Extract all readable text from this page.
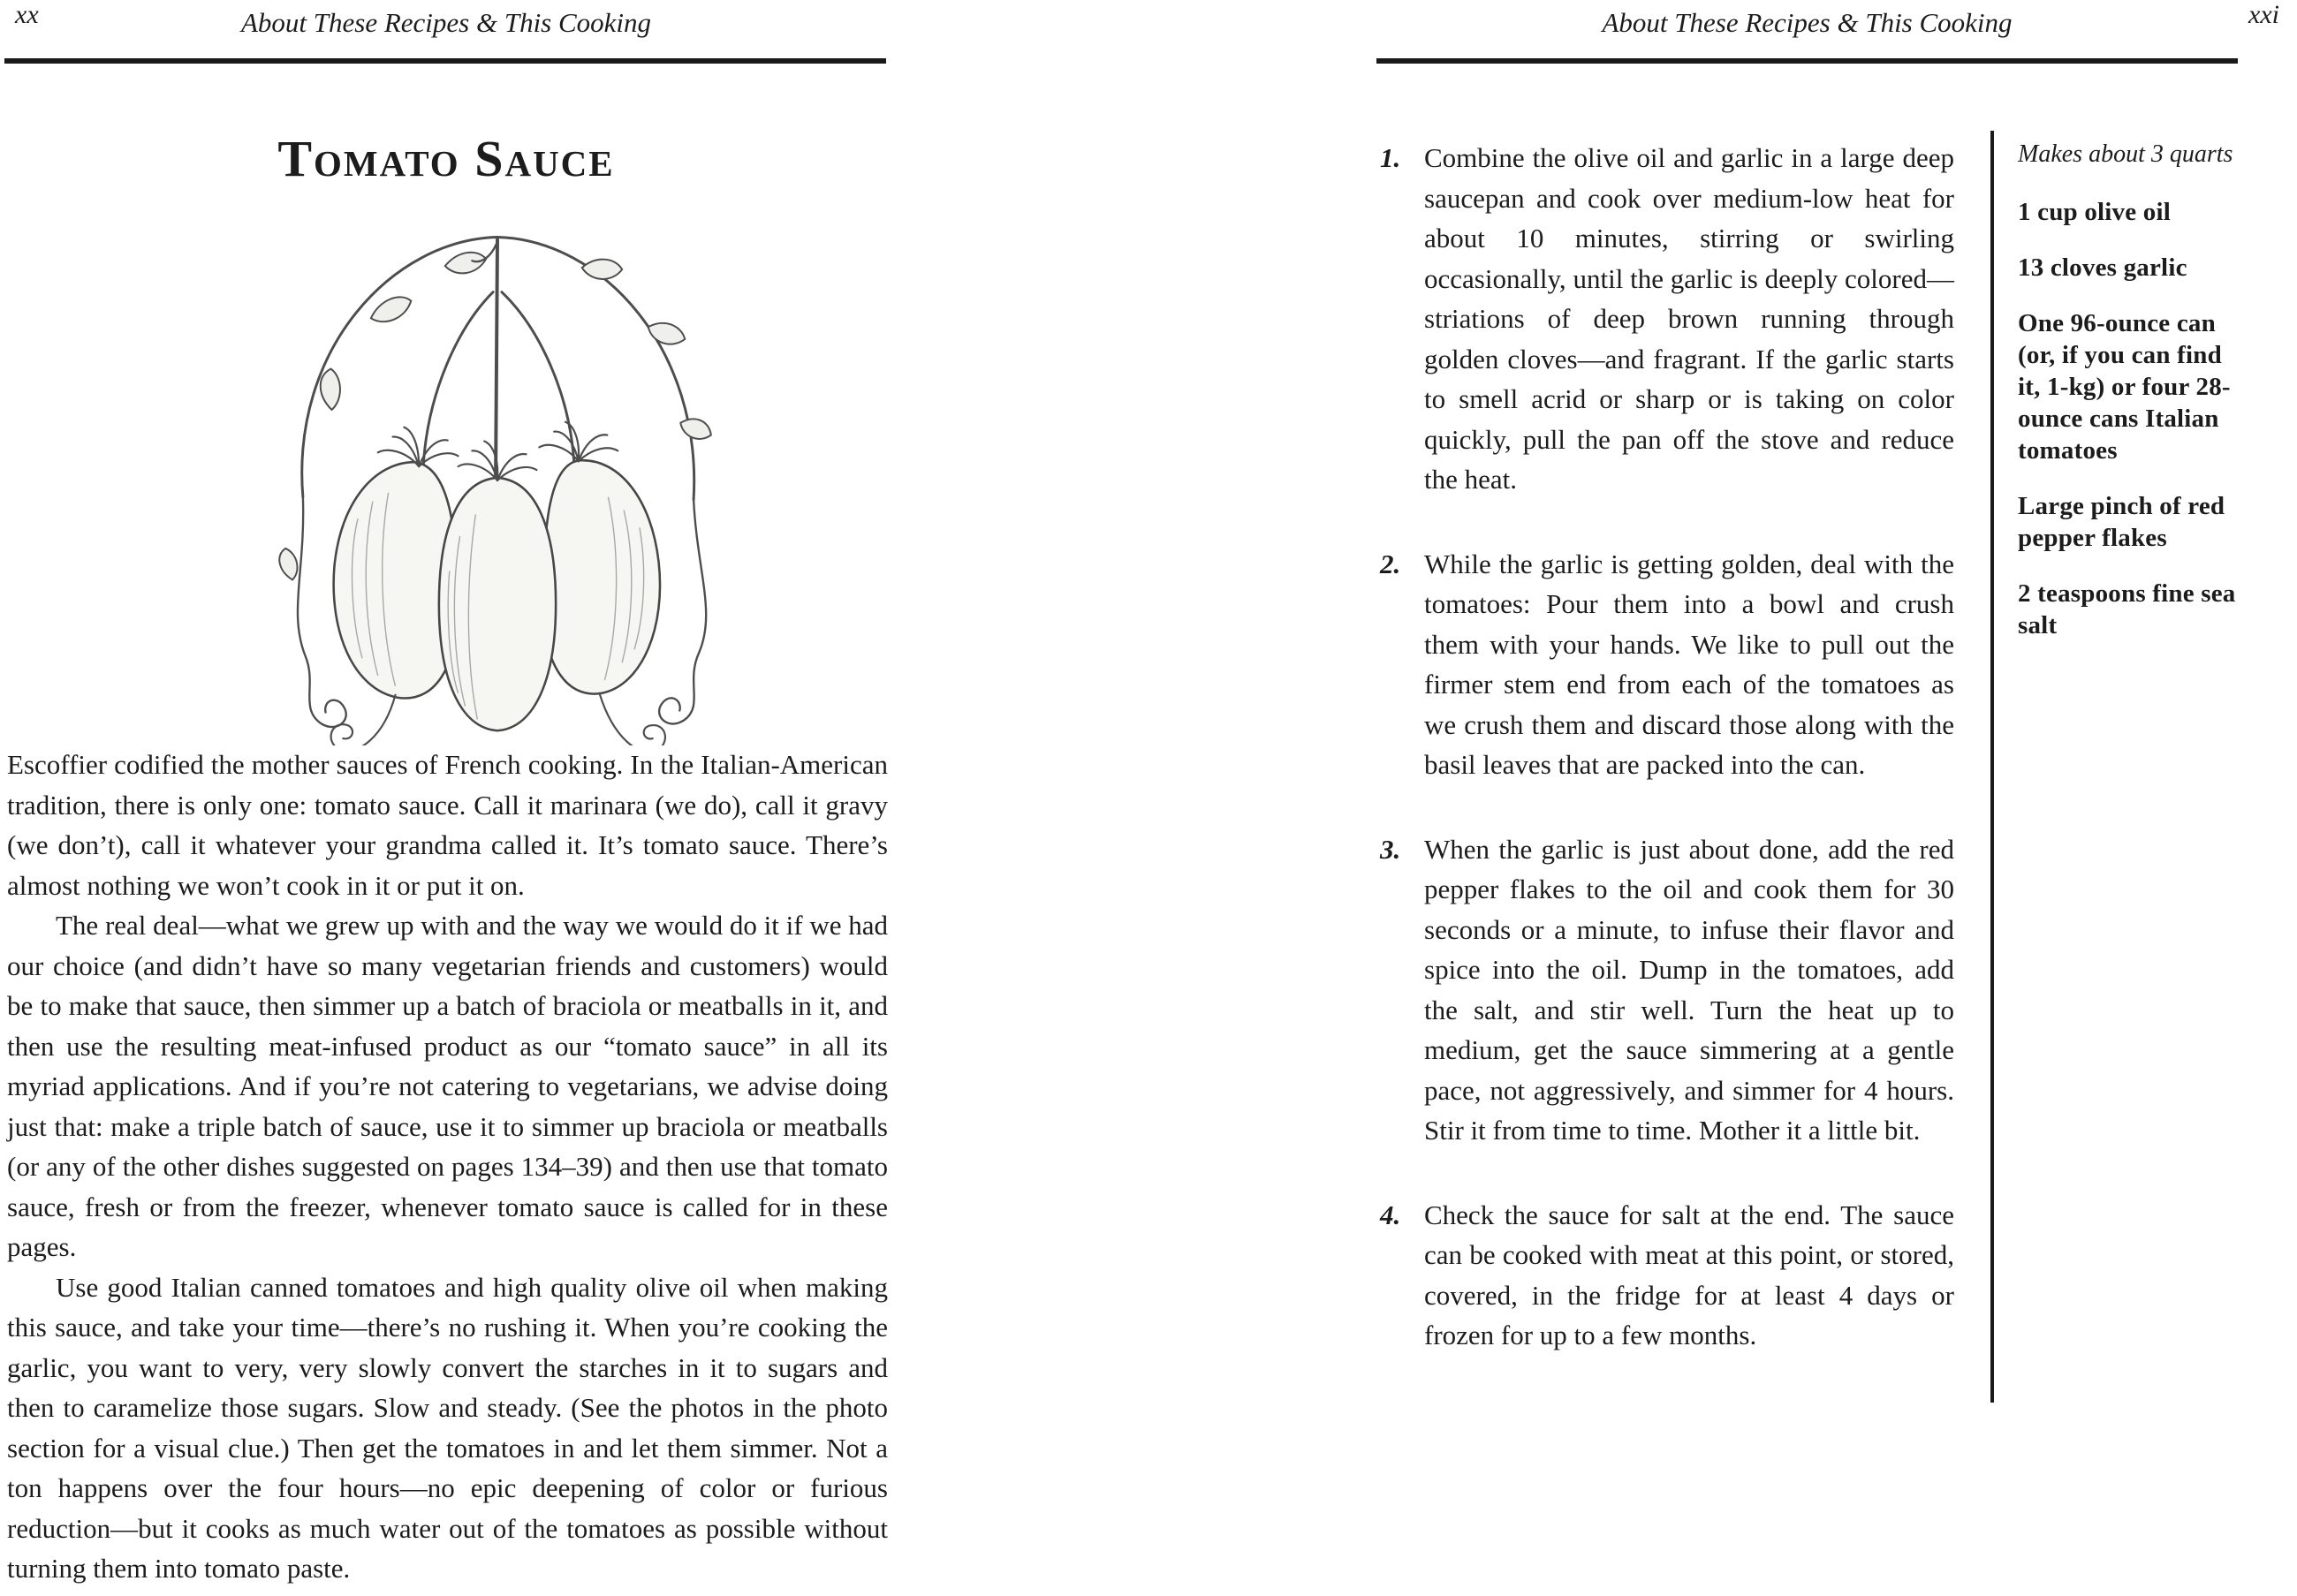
About These Recipes & This Cooking
xx
Tomato Sauce

Escoffier codified the mother sauces of French cooking. In the Italian-American tradition, there is only one: tomato sauce. Call it marinara (we do), call it gravy (we don’t), call it whatever your grandma called it. It’s tomato sauce. There’s almost nothing we won’t cook in it or put it on.

The real deal—what we grew up with and the way we would do it if we had our choice (and didn’t have so many vegetarian friends and customers) would be to make that sauce, then simmer up a batch of braciola or meatballs in it, and then use the resulting meat-infused product as our “tomato sauce” in all its myriad applications. And if you’re not catering to vegetarians, we advise doing just that: make a triple batch of sauce, use it to simmer up braciola or meatballs (or any of the other dishes suggested on pages 134–39) and then use that tomato sauce, fresh or from the freezer, whenever tomato sauce is called for in these pages.

Use good Italian canned tomatoes and high quality olive oil when making this sauce, and take your time—there’s no rushing it. When you’re cooking the garlic, you want to very, very slowly convert the starches in it to sugars and then to caramelize those sugars. Slow and steady. (See the photos in the photo section for a visual clue.) Then get the tomatoes in and let them simmer. Not a ton happens over the four hours—no epic deepening of color or furious reduction—but it cooks as much water out of the tomatoes as possible without turning them into tomato paste.

About These Recipes & This Cooking	xxi
1. Combine the olive oil and garlic in a large deep saucepan and cook over medium-low heat for about 10 minutes, stirring or swirling occasionally, until the garlic is deeply colored—striations of deep brown running through golden cloves—and fragrant. If the garlic starts to smell acrid or sharp or is taking on color quickly, pull the pan off the stove and reduce the heat.
2. While the garlic is getting golden, deal with the tomatoes: Pour them into a bowl and crush them with your hands. We like to pull out the firmer stem end from each of the tomatoes as we crush them and discard those along with the basil leaves that are packed into the can.
3. When the garlic is just about done, add the red pepper flakes to the oil and cook them for 30 seconds or a minute, to infuse their flavor and spice into the oil. Dump in the tomatoes, add the salt, and stir well. Turn the heat up to medium, get the sauce simmering at a gentle pace, not aggressively, and simmer for 4 hours. Stir it from time to time. Mother it a little bit.
4. Check the sauce for salt at the end. The sauce can be cooked with meat at this point, or stored, covered, in the fridge for at least 4 days or frozen for up to a few months.

Makes about 3 quarts

1 cup olive oil

13 cloves garlic

One 96-ounce can (or, if you can find it, 1-kg) or four 28-ounce cans Italian tomatoes

Large pinch of red pepper flakes

2 teaspoons fine sea salt
